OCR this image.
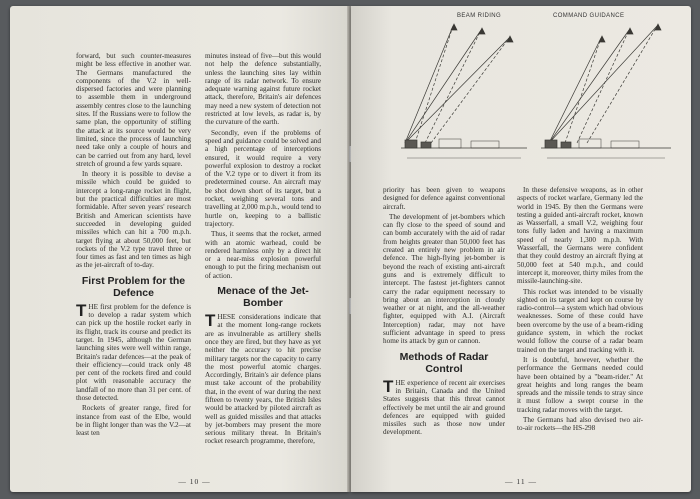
forward, but such counter-measures might be less effective in another war. The Germans manufactured the components of the V.2 in well-dispersed factories and were planning to assemble them in underground assembly centres close to the launching sites. If the Russians were to follow the same plan, the opportunity of stifling the attack at its source would be very limited, since the process of launching need take only a couple of hours and can be carried out from any hard, level stretch of ground a few yards square.

In theory it is possible to devise a missile which could be guided to intercept a long-range rocket in flight, but the practical difficulties are most formidable. After seven years' research British and American scientists have succeeded in developing guided missiles which can hit a 700 m.p.h. target flying at about 50,000 feet, but rockets of the V.2 type travel three or four times as fast and ten times as high as the jet-aircraft of to-day.

First Problem for the Defence

THE first problem for the defence is to develop a radar system which can pick up the hostile rocket early in its flight, track its course and predict its target. In 1945, although the German launching sites were well within range, Britain's radar defences—at the peak of their efficiency—could track only 48 per cent of the rockets fired and could plot with reasonable accuracy the landfall of no more than 31 per cent. of those detected.

Rockets of greater range, fired for instance from east of the Elbe, would be in flight longer than was the V.2—at least ten

minutes instead of five—but this would not help the defence substantially, unless the launching sites lay within range of its radar network. To ensure adequate warning against future rocket attack, therefore, Britain's air defences may need a new system of detection not restricted at low levels, as radar is, by the curvature of the earth.

Secondly, even if the problems of speed and guidance could be solved and a high percentage of interceptions ensured, it would require a very powerful explosion to destroy a rocket of the V.2 type or to divert it from its predetermined course. An aircraft may be shot down short of its target, but a rocket, weighing several tons and travelling at 2,000 m.p.h., would tend to hurtle on, keeping to a ballistic trajectory.

Thus, it seems that the rocket, armed with an atomic warhead, could be rendered harmless only by a direct hit or a near-miss explosion powerful enough to put the firing mechanism out of action.

Menace of the Jet-Bomber

THESE considerations indicate that at the moment long-range rockets are as invulnerable as artillery shells once they are fired, but they have as yet neither the accuracy to hit precise military targets nor the capacity to carry the most powerful atomic charges. Accordingly, Britain's air defence plans must take account of the probability that, in the event of war during the next fifteen to twenty years, the British Isles would be attacked by piloted aircraft as well as guided missiles and that attacks by jet-bombers may present the more serious military threat. In Britain's rocket research programme, therefore,

— 10 —
BEAM RIDING	COMMAND GUIDANCE

priority has been given to weapons designed for defence against conventional aircraft.

The development of jet-bombers which can fly close to the speed of sound and can bomb accurately with the aid of radar from heights greater than 50,000 feet has created an entirely new problem in air defence. The high-flying jet-bomber is beyond the reach of existing anti-aircraft guns and is extremely difficult to intercept. The fastest jet-fighters cannot carry the radar equipment necessary to bring about an interception in cloudy weather or at night, and the all-weather fighter, equipped with A.I. (Aircraft Interception) radar, may not have sufficient advantage in speed to press home its attack by gun or cannon.

Methods of Radar Control

THE experience of recent air exercises in Britain, Canada and the United States suggests that this threat cannot effectively be met until the air and ground defences are equipped with guided missiles such as those now under development.

In these defensive weapons, as in other aspects of rocket warfare, Germany led the world in 1945. By then the Germans were testing a guided anti-aircraft rocket, known as Wasserfall, a small V.2, weighing four tons fully laden and having a maximum speed of nearly 1,300 m.p.h. With Wasserfall, the Germans were confident that they could destroy an aircraft flying at 50,000 feet at 540 m.p.h., and could intercept it, moreover, thirty miles from the missile-launching-site.

This rocket was intended to be visually sighted on its target and kept on course by radio-control—a system which had obvious weaknesses. Some of these could have been overcome by the use of a beam-riding guidance system, in which the rocket would follow the course of a radar beam trained on the target and tracking with it.

It is doubtful, however, whether the performance the Germans needed could have been obtained by a "beam-rider." At great heights and long ranges the beam spreads and the missile tends to stray since it must follow a swept course in the tracking radar moves with the target.

The Germans had also devised two air-to-air rockets—the HS-298

— 11 —
